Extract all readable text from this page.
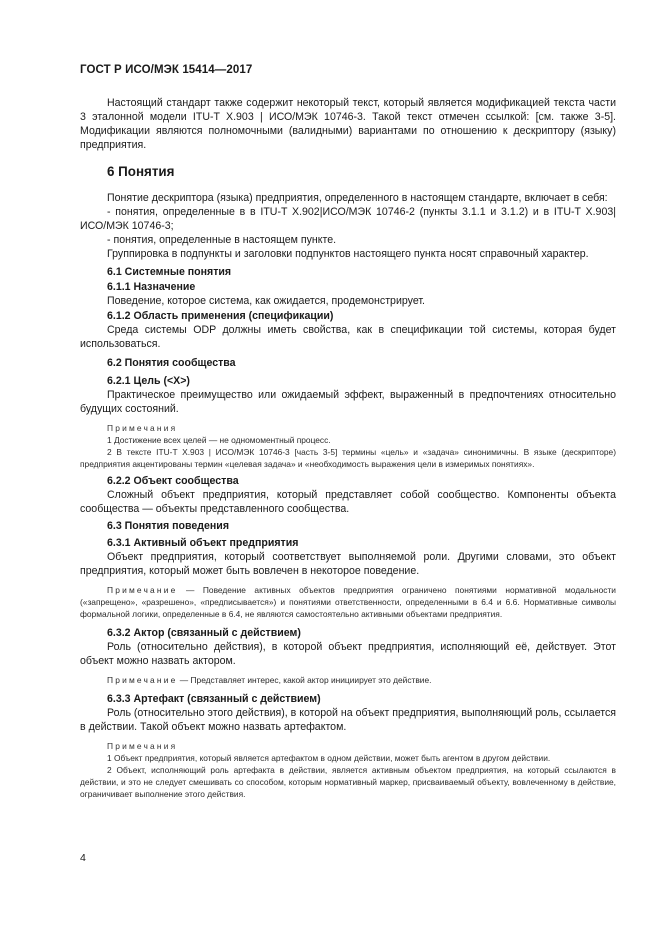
ГОСТ Р ИСО/МЭК 15414—2017

Настоящий стандарт также содержит некоторый текст, который является модификацией текста части 3 эталонной модели ITU-T X.903 | ИСО/МЭК 10746-3. Такой текст отмечен ссылкой: [см. также 3-5]. Модификации являются полномочными (валидными) вариантами по отношению к дескриптору (языку) предприятия.

6 Понятия

Понятие дескриптора (языка) предприятия, определенного в настоящем стандарте, включает в себя:

- понятия, определенные в в ITU-T X.902|ИСО/МЭК 10746-2 (пункты 3.1.1 и 3.1.2) и в ITU-T X.903| ИСО/МЭК 10746-3;

- понятия, определенные в настоящем пункте.

Группировка в подпункты и заголовки подпунктов настоящего пункта носят справочный характер.

6.1 Системные понятия
6.1.1 Назначение

Поведение, которое система, как ожидается, продемонстрирует.

6.1.2 Область применения (спецификации)

Среда системы ODP должны иметь свойства, как в спецификации той системы, которая будет использоваться.

6.2 Понятия сообщества
6.2.1 Цель (<X>)

Практическое преимущество или ожидаемый эффект, выраженный в предпочтениях относительно будущих состояний.

Примечания

1 Достижение всех целей — не одномоментный процесс.

2 В тексте ITU-T X.903 | ИСО/МЭК 10746-3 [часть 3-5] термины «цель» и «задача» синонимичны. В языке (дескрипторе) предприятия акцентированы термин «целевая задача» и «необходимость выражения цели в измеримых понятиях».

6.2.2 Объект сообщества

Сложный объект предприятия, который представляет собой сообщество. Компоненты объекта сообщества — объекты представленного сообщества.

6.3 Понятия поведения
6.3.1 Активный объект предприятия

Объект предприятия, который соответствует выполняемой роли. Другими словами, это объект предприятия, который может быть вовлечен в некоторое поведение.

Примечание — Поведение активных объектов предприятия ограничено понятиями нормативной модальности («запрещено», «разрешено», «предписывается») и понятиями ответственности, определенными в 6.4 и 6.6. Нормативные символы формальной логики, определенные в 6.4, не являются самостоятельно активными объектами предприятия.

6.3.2 Актор (связанный с действием)

Роль (относительно действия), в которой объект предприятия, исполняющий её, действует. Этот объект можно назвать актором.

Примечание — Представляет интерес, какой актор инициирует это действие.

6.3.3 Артефакт (связанный с действием)

Роль (относительно этого действия), в которой на объект предприятия, выполняющий роль, ссылается в действии. Такой объект можно назвать артефактом.

Примечания

1 Объект предприятия, который является артефактом в одном действии, может быть агентом в другом действии.

2 Объект, исполняющий роль артефакта в действии, является активным объектом предприятия, на который ссылаются в действии, и это не следует смешивать со способом, которым нормативный маркер, присваиваемый объекту, вовлеченному в действие, ограничивает выполнение этого действия.

4
